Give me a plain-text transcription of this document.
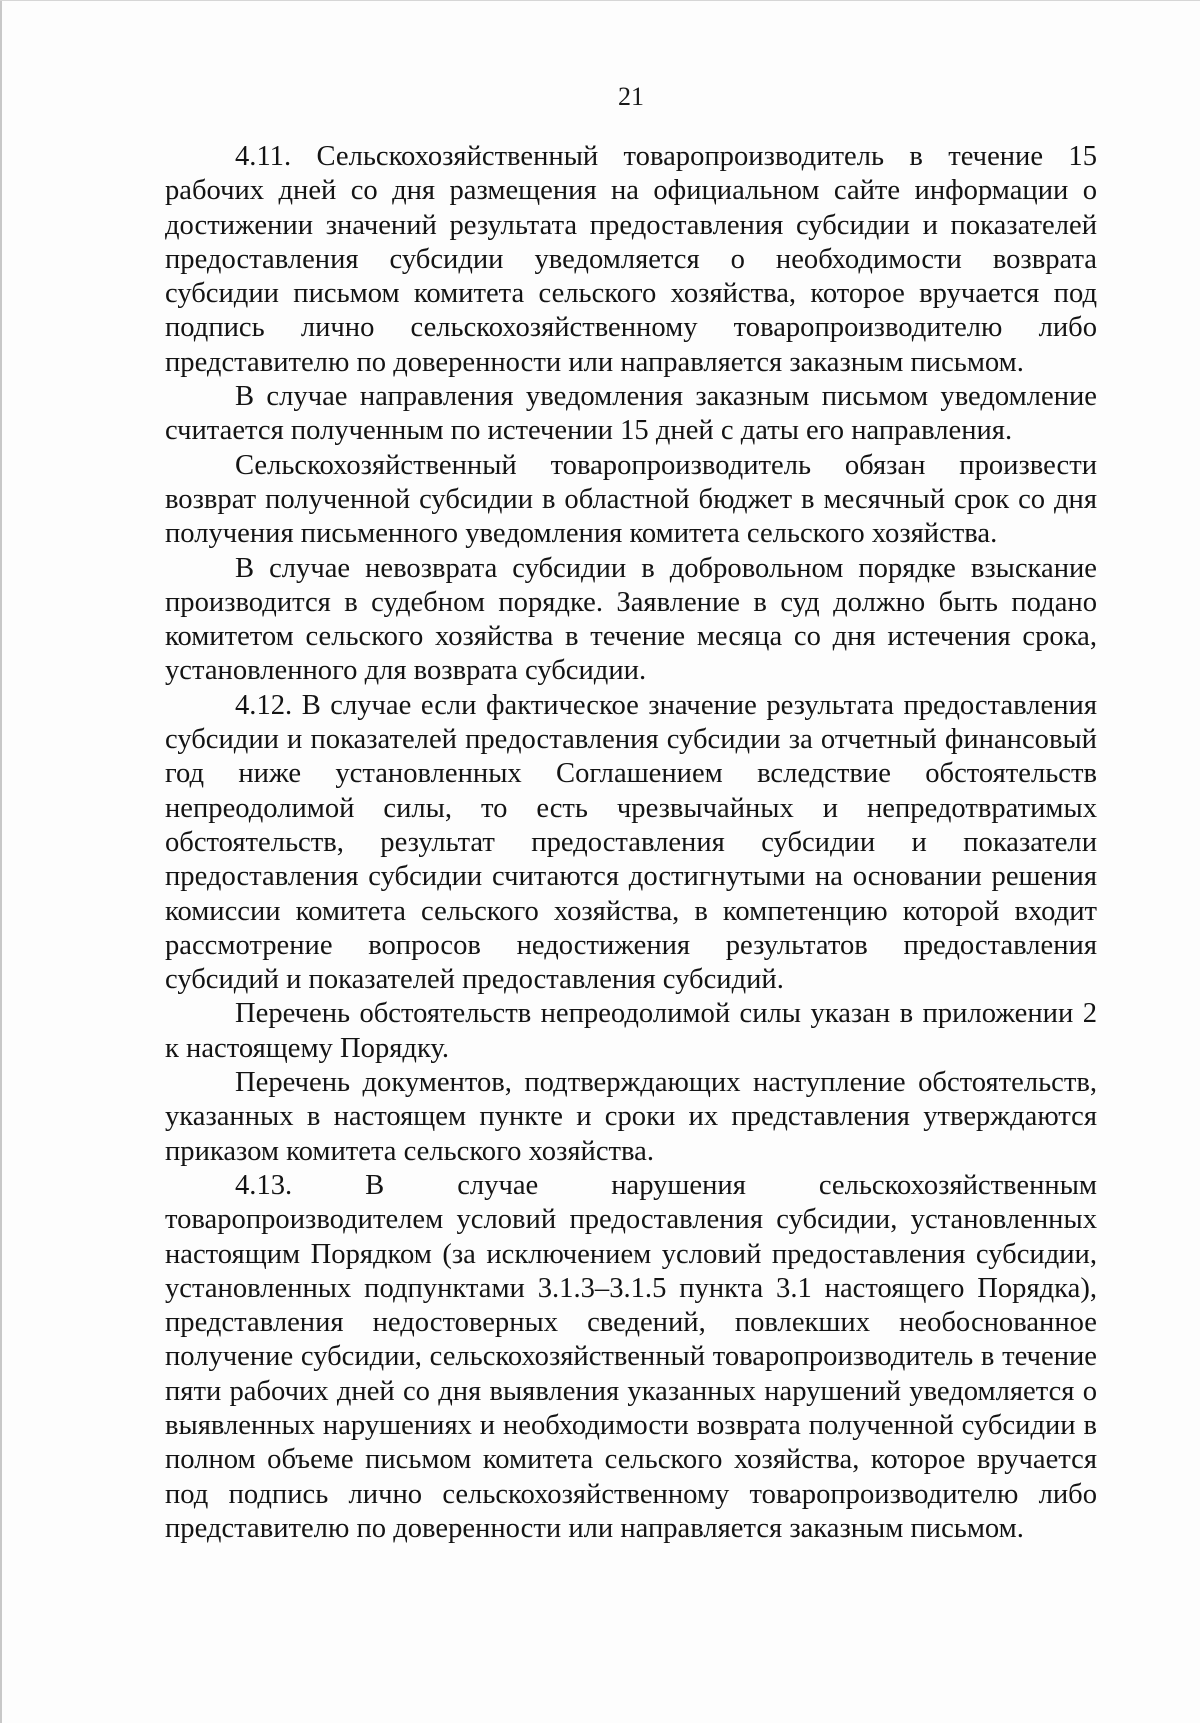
21

4.11. Сельскохозяйственный товаропроизводитель в течение 15 рабочих дней со дня размещения на официальном сайте информации о достижении значений результата предоставления субсидии и показателей предоставления субсидии уведомляется о необходимости возврата субсидии письмом комитета сельского хозяйства, которое вручается под подпись лично сельскохозяйственному товаропроизводителю либо представителю по доверенности или направляется заказным письмом.

В случае направления уведомления заказным письмом уведомление считается полученным по истечении 15 дней с даты его направления.

Сельскохозяйственный товаропроизводитель обязан произвести возврат полученной субсидии в областной бюджет в месячный срок со дня получения письменного уведомления комитета сельского хозяйства.

В случае невозврата субсидии в добровольном порядке взыскание производится в судебном порядке. Заявление в суд должно быть подано комитетом сельского хозяйства в течение месяца со дня истечения срока, установленного для возврата субсидии.

4.12. В случае если фактическое значение результата предоставления субсидии и показателей предоставления субсидии за отчетный финансовый год ниже установленных Соглашением вследствие обстоятельств непреодолимой силы, то есть чрезвычайных и непредотвратимых обстоятельств, результат предоставления субсидии и показатели предоставления субсидии считаются достигнутыми на основании решения комиссии комитета сельского хозяйства, в компетенцию которой входит рассмотрение вопросов недостижения результатов предоставления субсидий и показателей предоставления субсидий.

Перечень обстоятельств непреодолимой силы указан в приложении 2 к настоящему Порядку.

Перечень документов, подтверждающих наступление обстоятельств, указанных в настоящем пункте и сроки их представления утверждаются приказом комитета сельского хозяйства.

4.13. В случае нарушения сельскохозяйственным товаропроизводителем условий предоставления субсидии, установленных настоящим Порядком (за исключением условий предоставления субсидии, установленных подпунктами 3.1.3–3.1.5 пункта 3.1 настоящего Порядка), представления недостоверных сведений, повлекших необоснованное получение субсидии, сельскохозяйственный товаропроизводитель в течение пяти рабочих дней со дня выявления указанных нарушений уведомляется о выявленных нарушениях и необходимости возврата полученной субсидии в полном объеме письмом комитета сельского хозяйства, которое вручается под подпись лично сельскохозяйственному товаропроизводителю либо представителю по доверенности или направляется заказным письмом.
